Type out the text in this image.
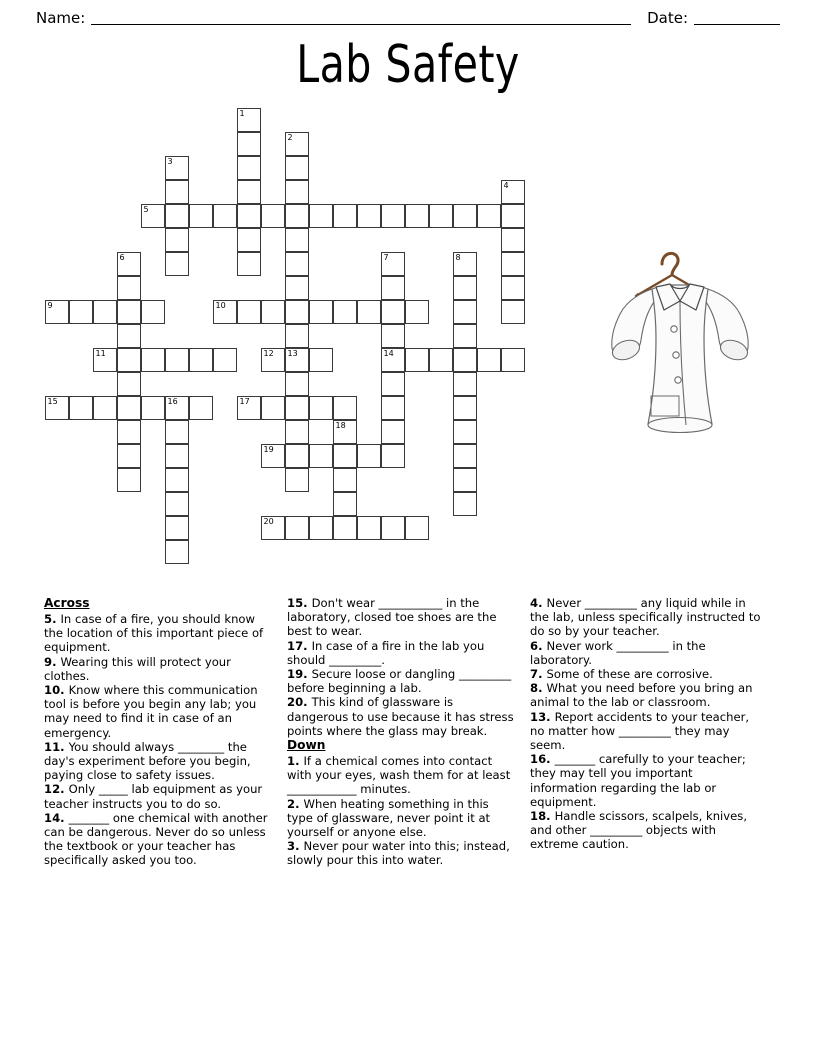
Name:	Date:
Lab Safety
1
2
3
4
5
6	7	8
9	10
11	12 13	14
15	16	17
18
19
20
Across

5. In case of a fire, you should know the location of this important piece of equipment.

9. Wearing this will protect your clothes.

10. Know where this communication tool is before you begin any lab; you may need to find it in case of an emergency.

11. You should always ________ the day's experiment before you begin, paying close to safety issues.

12. Only _____ lab equipment as your teacher instructs you to do so.

14. _______ one chemical with another can be dangerous. Never do so unless the textbook or your teacher has specifically asked you too.

15. Don't wear ___________ in the laboratory, closed toe shoes are the best to wear.

17. In case of a fire in the lab you should _________.

19. Secure loose or dangling _________ before beginning a lab.

20. This kind of glassware is dangerous to use because it has stress points where the glass may break.

Down

1. If a chemical comes into contact with your eyes, wash them for at least ____________ minutes.

2. When heating something in this type of glassware, never point it at yourself or anyone else.

3. Never pour water into this; instead, slowly pour this into water.

4. Never _________ any liquid while in the lab, unless specifically instructed to do so by your teacher.

6. Never work _________ in the laboratory.

7. Some of these are corrosive.

8. What you need before you bring an animal to the lab or classroom.

13. Report accidents to your teacher, no matter how _________ they may seem.

16. _______ carefully to your teacher; they may tell you important information regarding the lab or equipment.

18. Handle scissors, scalpels, knives, and other _________ objects with extreme caution.
